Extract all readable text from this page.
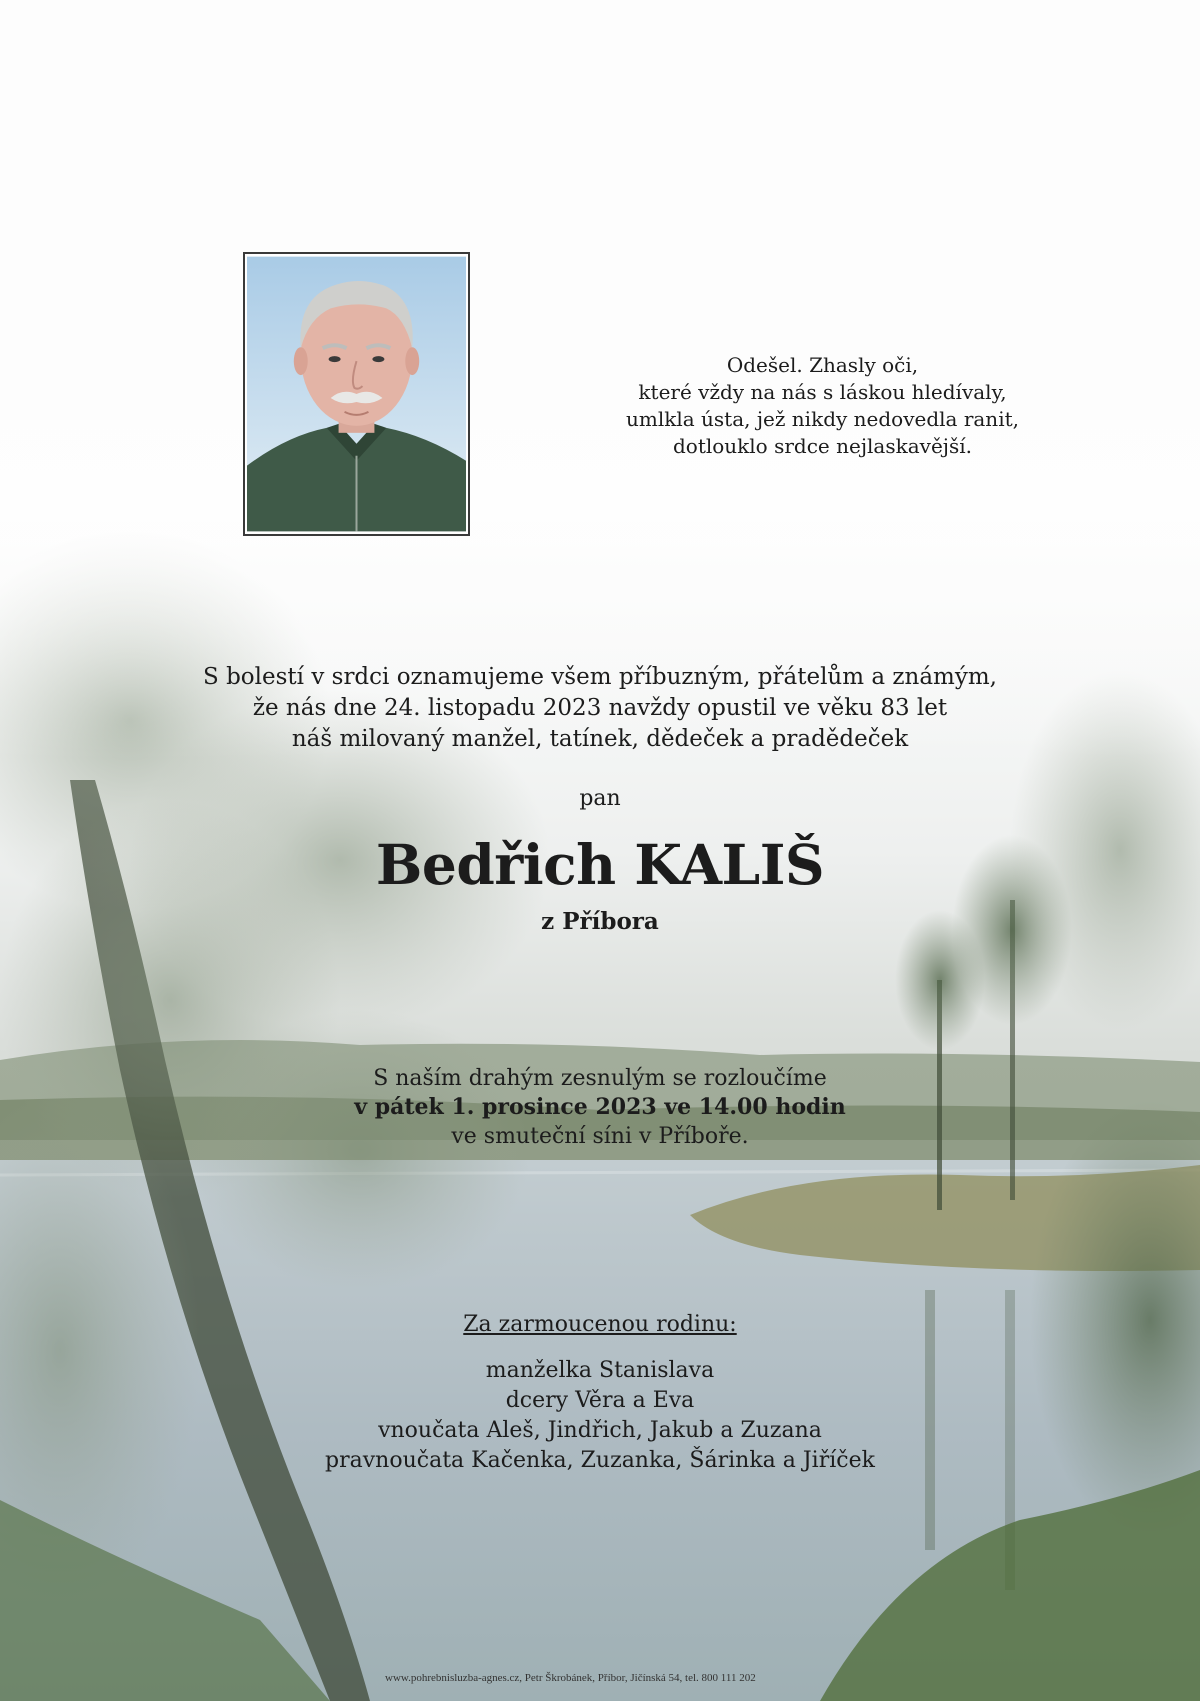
Odešel. Zhasly oči,
které vždy na nás s láskou hledívaly,
umlkla ústa, jež nikdy nedovedla ranit,
dotlouklo srdce nejlaskavější.
S bolestí v srdci oznamujeme všem příbuzným, přátelům a známým,
že nás dne 24. listopadu 2023 navždy opustil ve věku 83 let
náš milovaný manžel, tatínek, dědeček a pradědeček
pan
Bedřich KALIŠ
z Příbora
S naším drahým zesnulým se rozloučíme
v pátek 1. prosince 2023 ve 14.00 hodin
ve smuteční síni v Příboře.
Za zarmoucenou rodinu:
manželka Stanislava
dcery Věra a Eva
vnoučata Aleš, Jindřich, Jakub a Zuzana
pravnoučata Kačenka, Zuzanka, Šárinka a Jiříček
www.pohrebnisluzba-agnes.cz, Petr Škrobánek, Příbor, Jičínská 54, tel. 800 111 202
